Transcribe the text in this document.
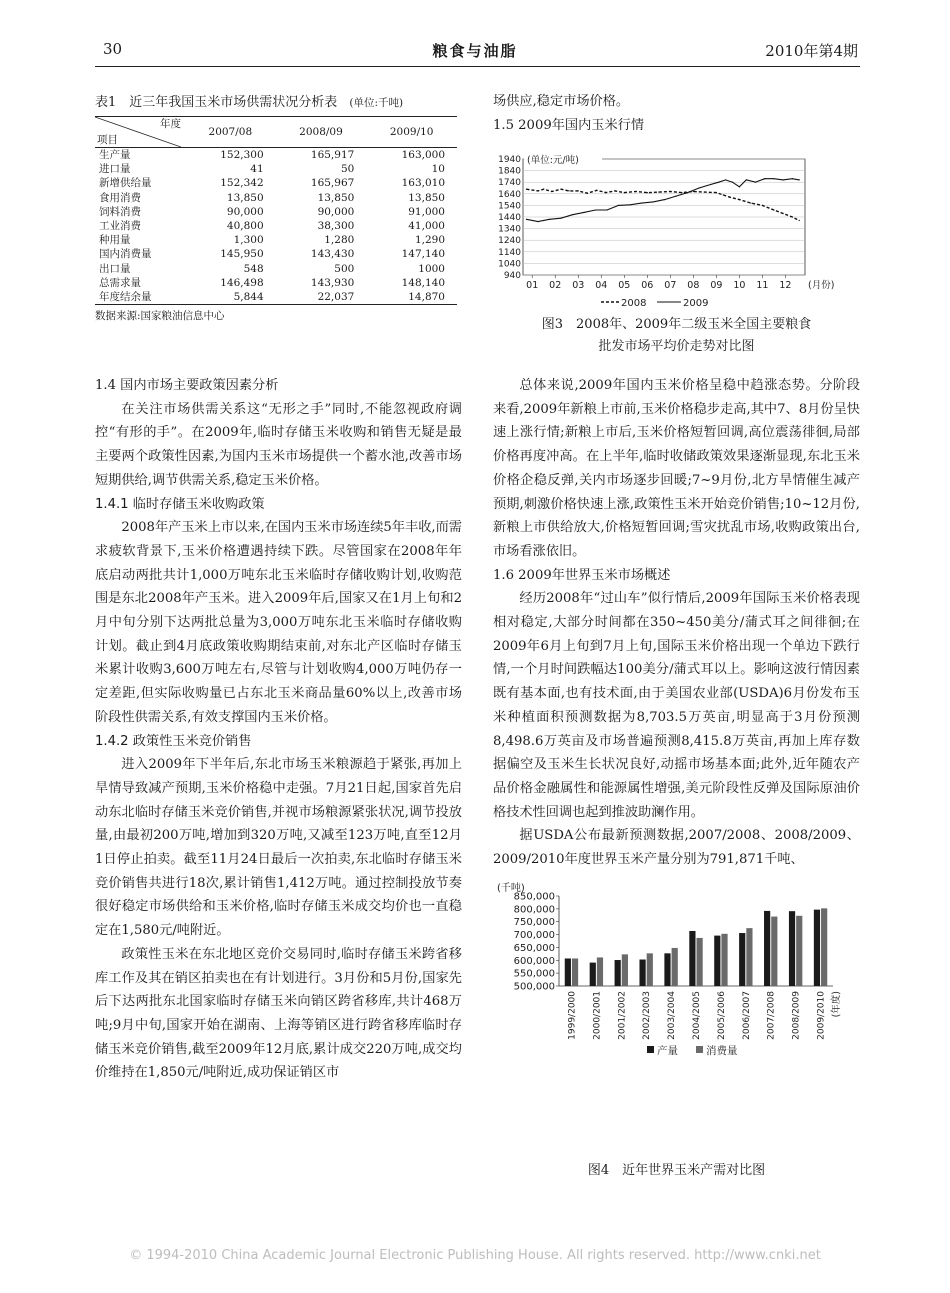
30	粮食与油脂	2010年第4期
表1　近三年我国玉米市场供需状况分析表 (单位:千吨)
年度
项目	2007/08	2008/09	2009/10
生产量	152,300	165,917	163,000
进口量	41	50	10
新增供给量	152,342	165,967	163,010
食用消费	13,850	13,850	13,850
饲料消费	90,000	90,000	91,000
工业消费	40,800	38,300	41,000
种用量	1,300	1,280	1,290
国内消费量	145,950	143,430	147,140
出口量	548	500	1000
总需求量	146,498	143,930	148,140
年度结余量	5,844	22,037	14,870
数据来源:国家粮油信息中心

1.4 国内市场主要政策因素分析

在关注市场供需关系这“无形之手”同时,不能忽视政府调控“有形的手”。在2009年,临时存储玉米收购和销售无疑是最主要两个政策性因素,为国内玉米市场提供一个蓄水池,改善市场短期供给,调节供需关系,稳定玉米价格。

1.4.1 临时存储玉米收购政策

2008年产玉米上市以来,在国内玉米市场连续5年丰收,而需求疲软背景下,玉米价格遭遇持续下跌。尽管国家在2008年年底启动两批共计1,000万吨东北玉米临时存储收购计划,收购范围是东北2008年产玉米。进入2009年后,国家又在1月上旬和2月中旬分别下达两批总量为3,000万吨东北玉米临时存储收购计划。截止到4月底政策收购期结束前,对东北产区临时存储玉米累计收购3,600万吨左右,尽管与计划收购4,000万吨仍存一定差距,但实际收购量已占东北玉米商品量60%以上,改善市场阶段性供需关系,有效支撑国内玉米价格。

1.4.2 政策性玉米竞价销售

进入2009年下半年后,东北市场玉米粮源趋于紧张,再加上旱情导致减产预期,玉米价格稳中走强。7月21日起,国家首先启动东北临时存储玉米竞价销售,并视市场粮源紧张状况,调节投放量,由最初200万吨,增加到320万吨,又减至123万吨,直至12月1日停止拍卖。截至11月24日最后一次拍卖,东北临时存储玉米竞价销售共进行18次,累计销售1,412万吨。通过控制投放节奏很好稳定市场供给和玉米价格,临时存储玉米成交均价也一直稳定在1,580元/吨附近。

政策性玉米在东北地区竞价交易同时,临时存储玉米跨省移库工作及其在销区拍卖也在有计划进行。3月份和5月份,国家先后下达两批东北国家临时存储玉米向销区跨省移库,共计468万吨;9月中旬,国家开始在湖南、上海等销区进行跨省移库临时存储玉米竞价销售,截至2009年12月底,累计成交220万吨,成交均价维持在1,850元/吨附近,成功保证销区市

场供应,稳定市场价格。

1.5 2009年国内玉米行情

1940
1840
1740
1640
1540
1440
1340
1240
1140
1040
940
01 02 03 04 05 06 07 08 09 10 11 12 (月份)
(单位:元/吨)
2008	2009
图3　2008年、2009年二级玉米全国主要粮食
批发市场平均价走势对比图

总体来说,2009年国内玉米价格呈稳中趋涨态势。分阶段来看,2009年新粮上市前,玉米价格稳步走高,其中7、8月份呈快速上涨行情;新粮上市后,玉米价格短暂回调,高位震荡徘徊,局部价格再度冲高。在上半年,临时收储政策效果逐渐显现,东北玉米价格企稳反弹,关内市场逐步回暖;7~9月份,北方旱情催生减产预期,刺激价格快速上涨,政策性玉米开始竞价销售;10~12月份,新粮上市供给放大,价格短暂回调;雪灾扰乱市场,收购政策出台,市场看涨依旧。

1.6 2009年世界玉米市场概述

经历2008年“过山车”似行情后,2009年国际玉米价格表现相对稳定,大部分时间都在350~450美分/蒲式耳之间徘徊;在2009年6月上旬到7月上旬,国际玉米价格出现一个单边下跌行情,一个月时间跌幅达100美分/蒲式耳以上。影响这波行情因素既有基本面,也有技术面,由于美国农业部(USDA)6月份发布玉米种植面积预测数据为8,703.5万英亩,明显高于3月份预测8,498.6万英亩及市场普遍预测8,415.8万英亩,再加上库存数据偏空及玉米生长状况良好,动摇市场基本面;此外,近年随农产品价格金融属性和能源属性增强,美元阶段性反弹及国际原油价格技术性回调也起到推波助澜作用。

据USDA公布最新预测数据,2007/2008、2008/2009、2009/2010年度世界玉米产量分别为791,871千吨、

(千吨)
850,000
800,000
750,000
700,000
650,000
600,000
550,000
500,000
1999/2000 2000/2001 2001/2002 2002/2003 2003/2004 2004/2005 2005/2006 2006/2007 2007/2008 2008/2009 2009/2010 (年度)
产量	消费量
图4　近年世界玉米产需对比图
© 1994-2010 China Academic Journal Electronic Publishing House. All rights reserved. http://www.cnki.net
